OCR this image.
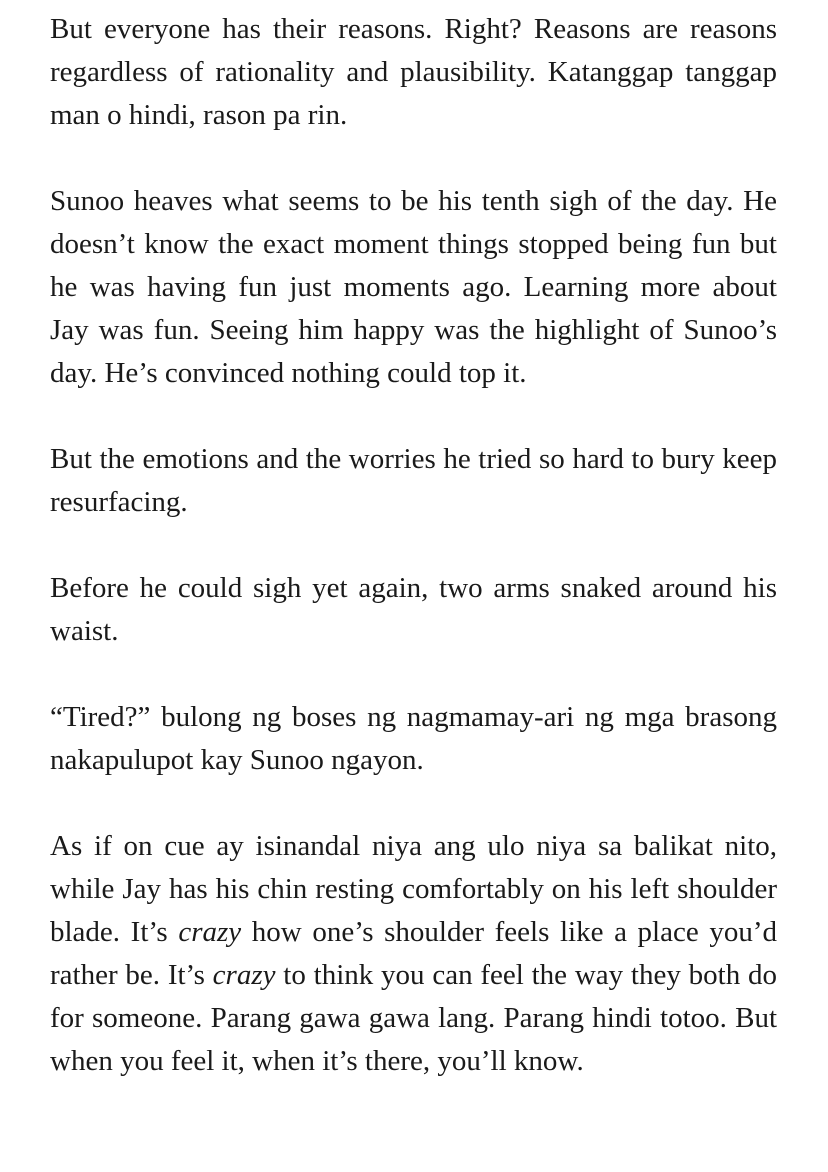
But everyone has their reasons. Right? Reasons are reasons regardless of rationality and plausibility. Katanggap tanggap man o hindi, rason pa rin.

Sunoo heaves what seems to be his tenth sigh of the day. He doesn’t know the exact moment things stopped being fun but he was having fun just moments ago. Learning more about Jay was fun. Seeing him happy was the highlight of Sunoo’s day. He’s convinced nothing could top it.

But the emotions and the worries he tried so hard to bury keep resurfacing.

Before he could sigh yet again, two arms snaked around his waist.

“Tired?” bulong ng boses ng nagmamay-ari ng mga brasong nakapulupot kay Sunoo ngayon.

As if on cue ay isinandal niya ang ulo niya sa balikat nito, while Jay has his chin resting comfortably on his left shoulder blade. It’s crazy how one’s shoulder feels like a place you’d rather be. It’s crazy to think you can feel the way they both do for someone. Parang gawa gawa lang. Parang hindi totoo. But when you feel it, when it’s there, you’ll know.
